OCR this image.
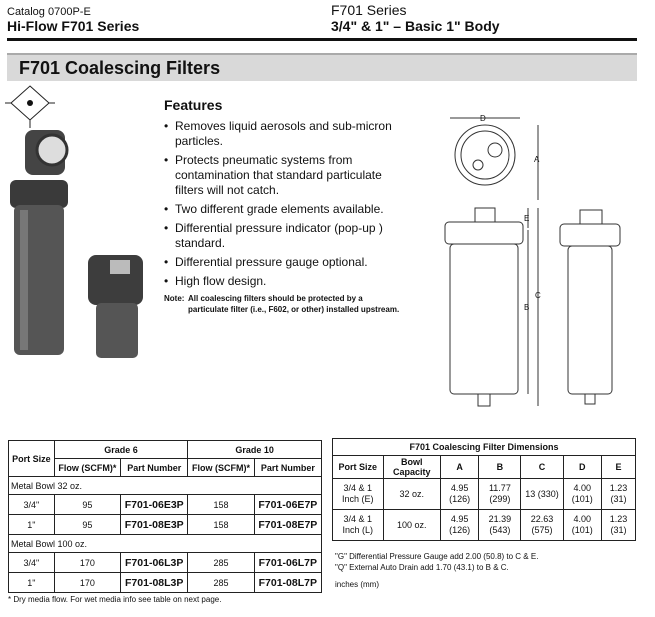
Catalog 0700P-E
Hi-Flow F701 Series
F701 Series
3/4" & 1" – Basic 1" Body
F701 Coalescing Filters
Features
• Removes liquid aerosols and sub-micron particles.
• Protects pneumatic systems from contamination that standard particulate filters will not catch.
• Two different grade elements available.
• Differential pressure indicator (pop-up ) standard.
• Differential pressure gauge optional.
• High flow design.
Note: All coalescing filters should be protected by a particulate filter (i.e., F602, or other) installed upstream.
D
A
E
B
C
Port Size	Grade 6		Grade 10	
	Flow (SCFM)*	Part Number	Flow (SCFM)*	Part Number
Metal Bowl 32 oz.				
3/4"	95	F701-06E3P	158	F701-06E7P
1"	95	F701-08E3P	158	F701-08E7P
Metal Bowl 100 oz.				
3/4"	170	F701-06L3P	285	F701-06L7P
1"	170	F701-08L3P	285	F701-08L7P
* Dry media flow. For wet media info see table on next page.
F701 Coalescing Filter Dimensions						
Port Size	Bowl Capacity	A	B	C	D	E
3/4 & 1 Inch (E)	32 oz.	4.95 (126)	11.77 (299)	13 (330)	4.00 (101)	1.23 (31)
3/4 & 1 Inch (L)	100 oz.	4.95 (126)	21.39 (543)	22.63 (575)	4.00 (101)	1.23 (31)
"G" Differential Pressure Gauge add 2.00 (50.8) to C & E.
"Q" External Auto Drain add 1.70 (43.1) to B & C.
inches (mm)
